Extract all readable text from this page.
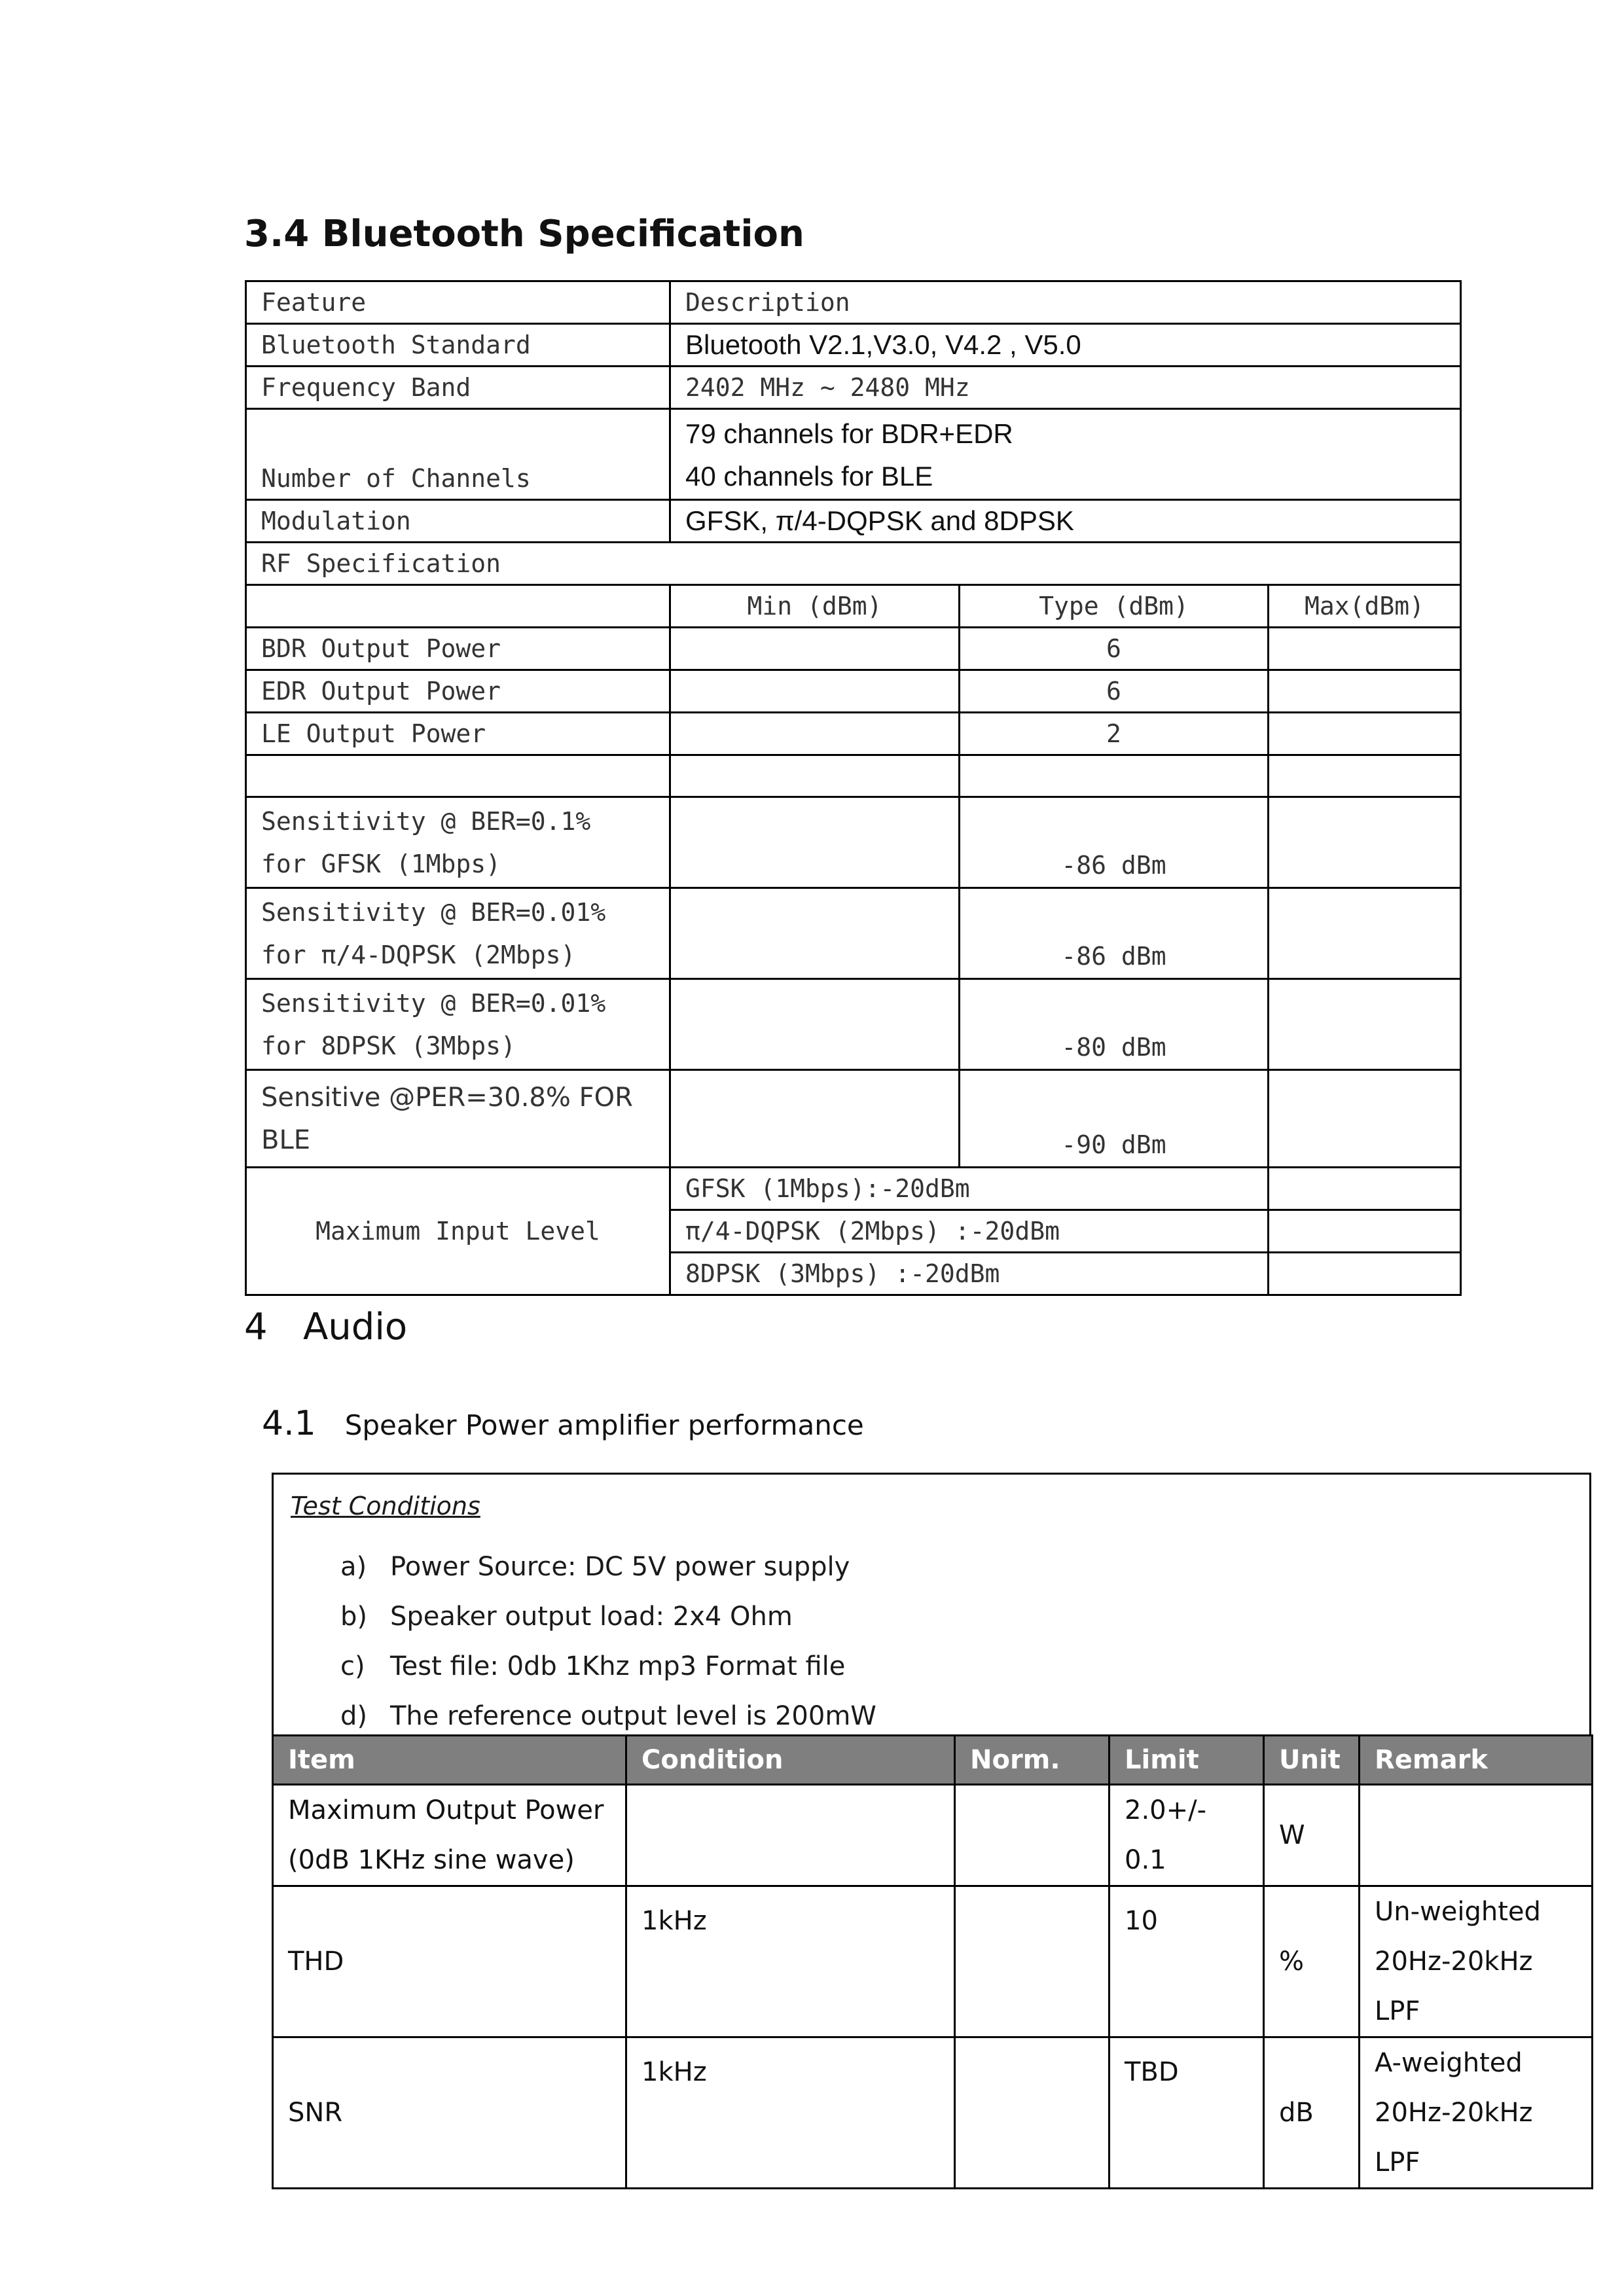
3.4 Bluetooth Specification
Feature	Description		
Bluetooth Standard	Bluetooth V2.1,V3.0, V4.2 , V5.0		
Frequency Band	2402 MHz ~ 2480 MHz		
Number of Channels	79 channels for BDR+EDR
40 channels for BLE		

Modulation	GFSK, π/4-DQPSK and 8DPSK		
RF Specification			
	Min (dBm)	Type (dBm)	Max(dBm)
BDR Output Power		6	
EDR Output Power		6	
LE Output Power		2	

Sensitivity @ BER=0.1%
for GFSK (1Mbps)		-86 dBm	

Sensitivity @ BER=0.01%
for π/4-DQPSK (2Mbps)		-86 dBm	

Sensitivity @ BER=0.01%
for 8DPSK (3Mbps)		-80 dBm	

Sensitive @PER=30.8% FOR
BLE		-90 dBm	
Maximum Input Level	GFSK (1Mbps):-20dBm		
	π/4-DQPSK (2Mbps) :-20dBm		
	8DPSK (3Mbps) :-20dBm		
4 Audio
4.1 Speaker Power amplifier performance
Test Conditions
a) Power Source: DC 5V power supply
b) Speaker output load: 2x4 Ohm
c) Test file: 0db 1Khz mp3 Format file
d) The reference output level is 200mW
Item	Condition	Norm.	Limit	Unit	Remark

Maximum Output Power
(0dB 1KHz sine wave)			2.0+/- 0.1	W	
THD	1kHz		10	%	Un-weighted
20Hz-20kHz LPF

SNR	1kHz		TBD	dB	A-weighted
20Hz-20kHz LPF
